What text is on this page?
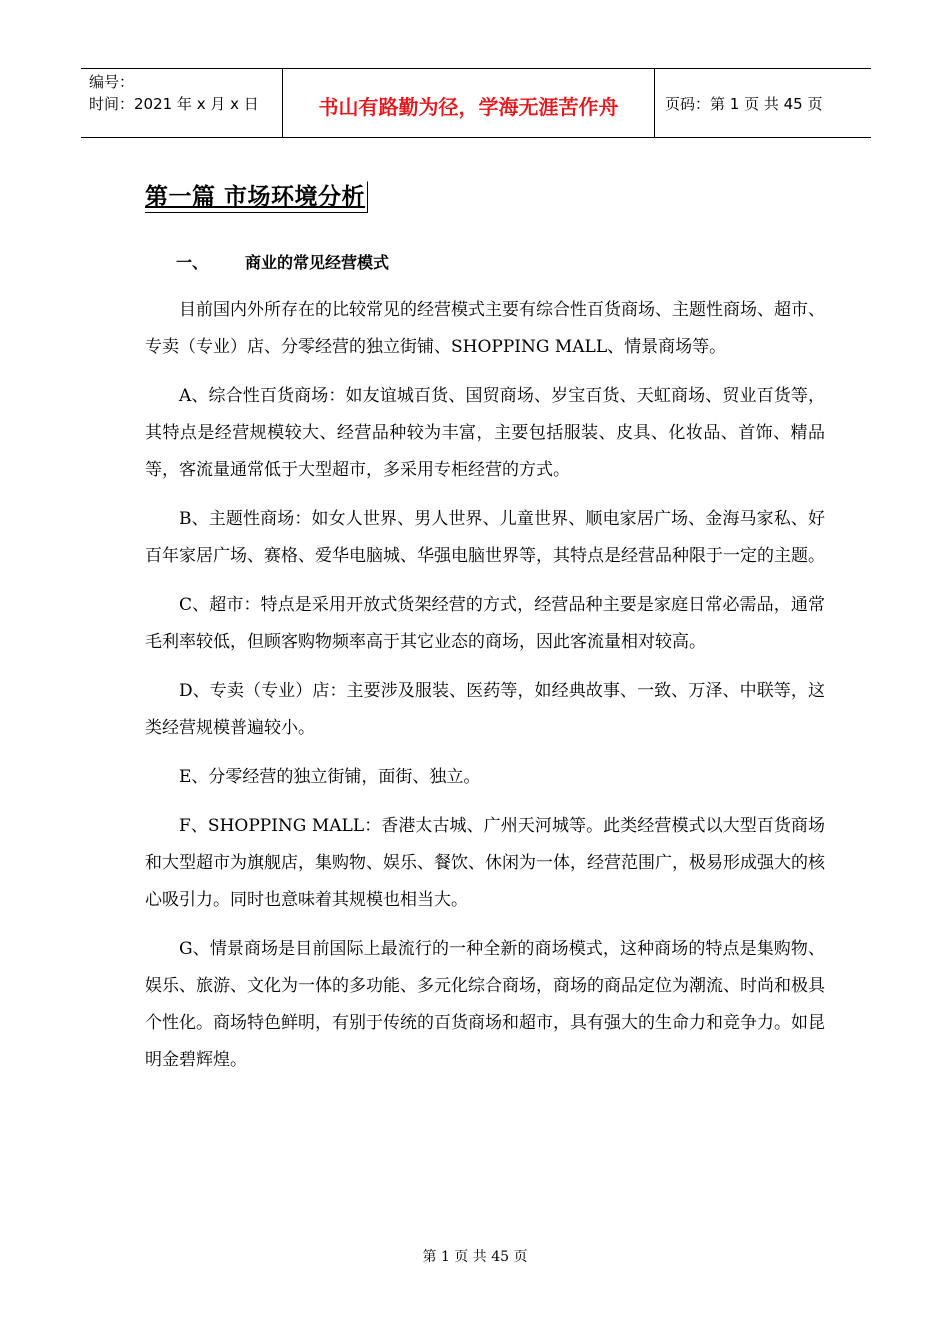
编号：
时间：2021 年 x 月 x 日	书山有路勤为径，学海无涯苦作舟	页码：第 1 页 共 45 页
第一篇 市场环境分析
一、	商业的常见经营模式

目前国内外所存在的比较常见的经营模式主要有综合性百货商场、主题性商场、超市、专卖（专业）店、分零经营的独立街铺、SHOPPING MALL、情景商场等。

A、综合性百货商场：如友谊城百货、国贸商场、岁宝百货、天虹商场、贸业百货等，其特点是经营规模较大、经营品种较为丰富，主要包括服装、皮具、化妆品、首饰、精品等，客流量通常低于大型超市，多采用专柜经营的方式。

B、主题性商场：如女人世界、男人世界、儿童世界、顺电家居广场、金海马家私、好百年家居广场、赛格、爱华电脑城、华强电脑世界等，其特点是经营品种限于一定的主题。

C、超市：特点是采用开放式货架经营的方式，经营品种主要是家庭日常必需品，通常毛利率较低，但顾客购物频率高于其它业态的商场，因此客流量相对较高。

D、专卖（专业）店：主要涉及服装、医药等，如经典故事、一致、万泽、中联等，这类经营规模普遍较小。

E、分零经营的独立街铺，面街、独立。

F、SHOPPING MALL：香港太古城、广州天河城等。此类经营模式以大型百货商场和大型超市为旗舰店，集购物、娱乐、餐饮、休闲为一体，经营范围广，极易形成强大的核心吸引力。同时也意味着其规模也相当大。

G、情景商场是目前国际上最流行的一种全新的商场模式，这种商场的特点是集购物、娱乐、旅游、文化为一体的多功能、多元化综合商场，商场的商品定位为潮流、时尚和极具个性化。商场特色鲜明，有别于传统的百货商场和超市，具有强大的生命力和竞争力。如昆明金碧辉煌。

第 1 页 共 45 页
